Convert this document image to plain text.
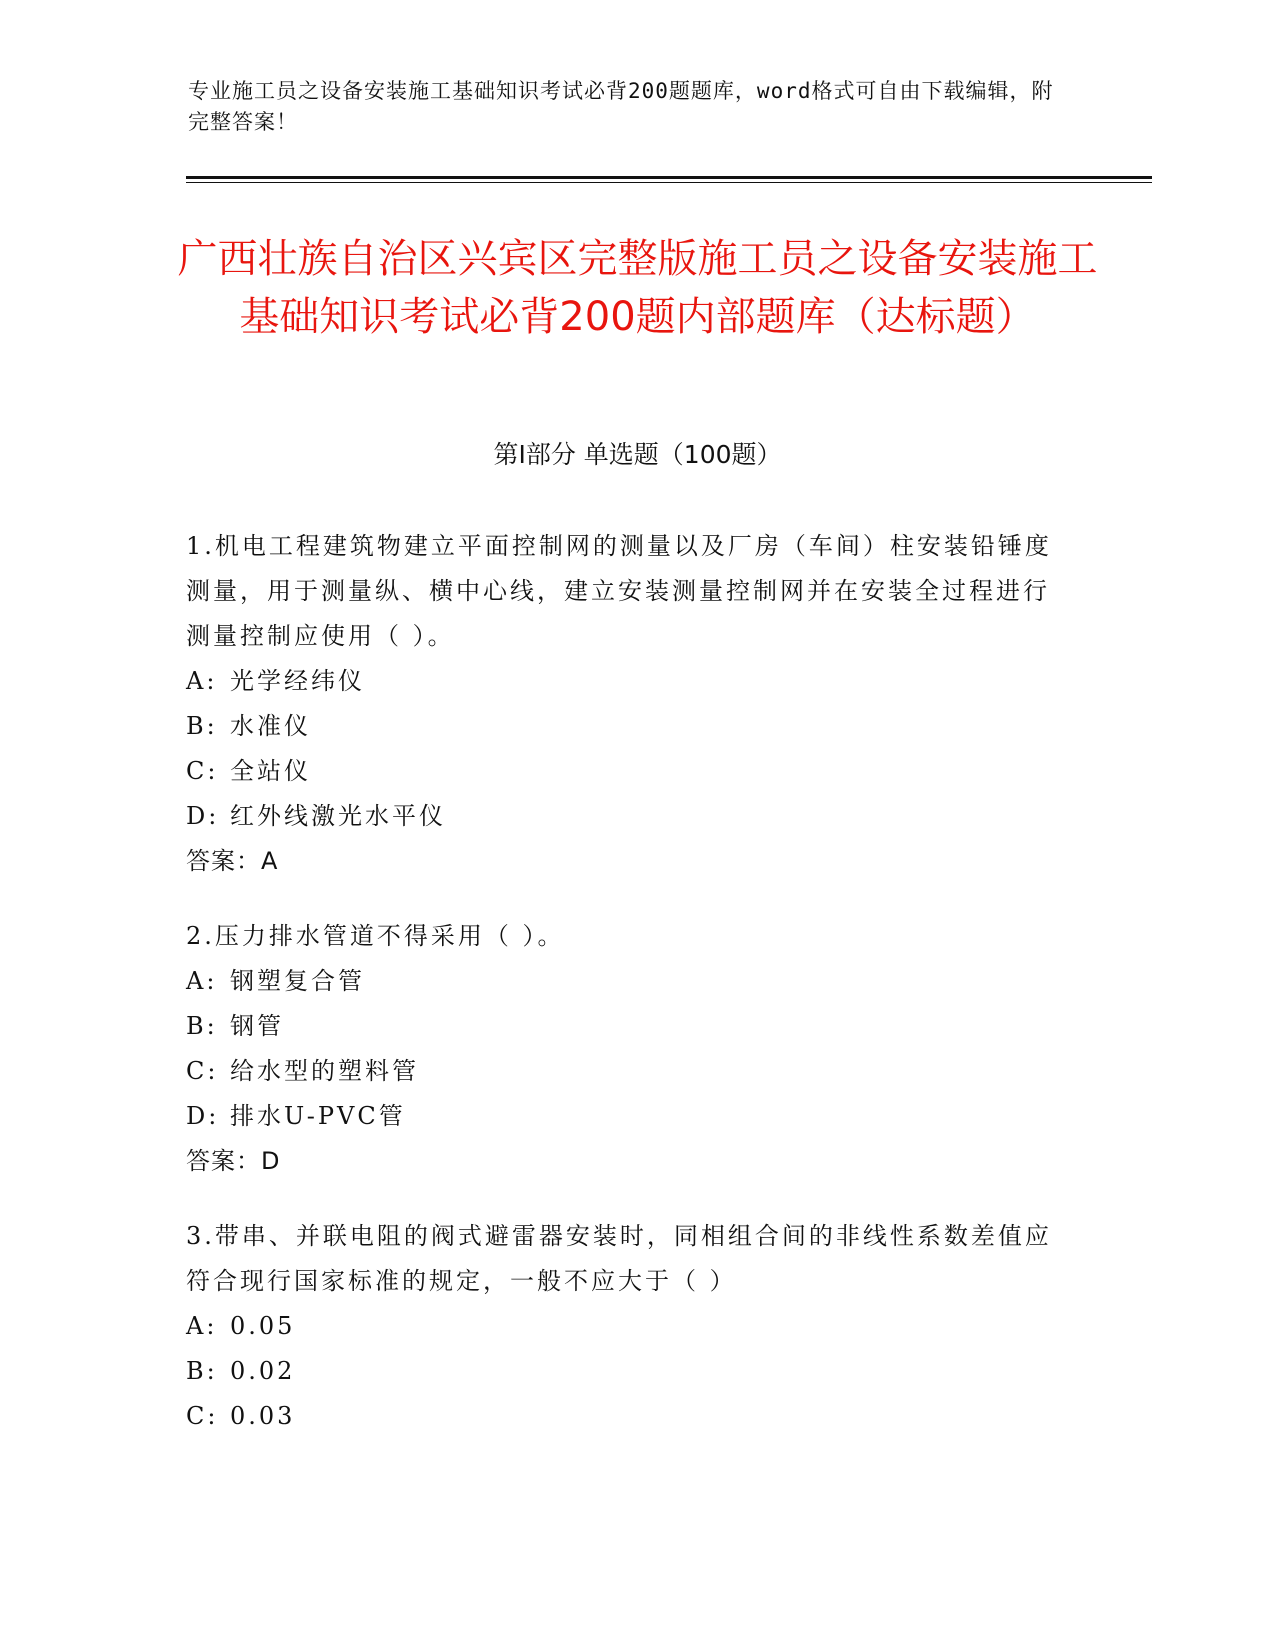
专业施工员之设备安装施工基础知识考试必背200题题库，word格式可自由下载编辑，附完整答案！
广西壮族自治区兴宾区完整版施工员之设备安装施工基础知识考试必背200题内部题库（达标题）
第I部分 单选题（100题）
1.机电工程建筑物建立平面控制网的测量以及厂房（车间）柱安装铅锤度测量，用于测量纵、横中心线，建立安装测量控制网并在安装全过程进行测量控制应使用（ ）。
A: 光学经纬仪
B: 水准仪
C: 全站仪
D: 红外线激光水平仪
答案：A
2.压力排水管道不得采用（ ）。
A: 钢塑复合管
B: 钢管
C: 给水型的塑料管
D: 排水U-PVC管
答案：D
3.带串、并联电阻的阀式避雷器安装时，同相组合间的非线性系数差值应符合现行国家标准的规定，一般不应大于（ ）
A: 0.05
B: 0.02
C: 0.03
